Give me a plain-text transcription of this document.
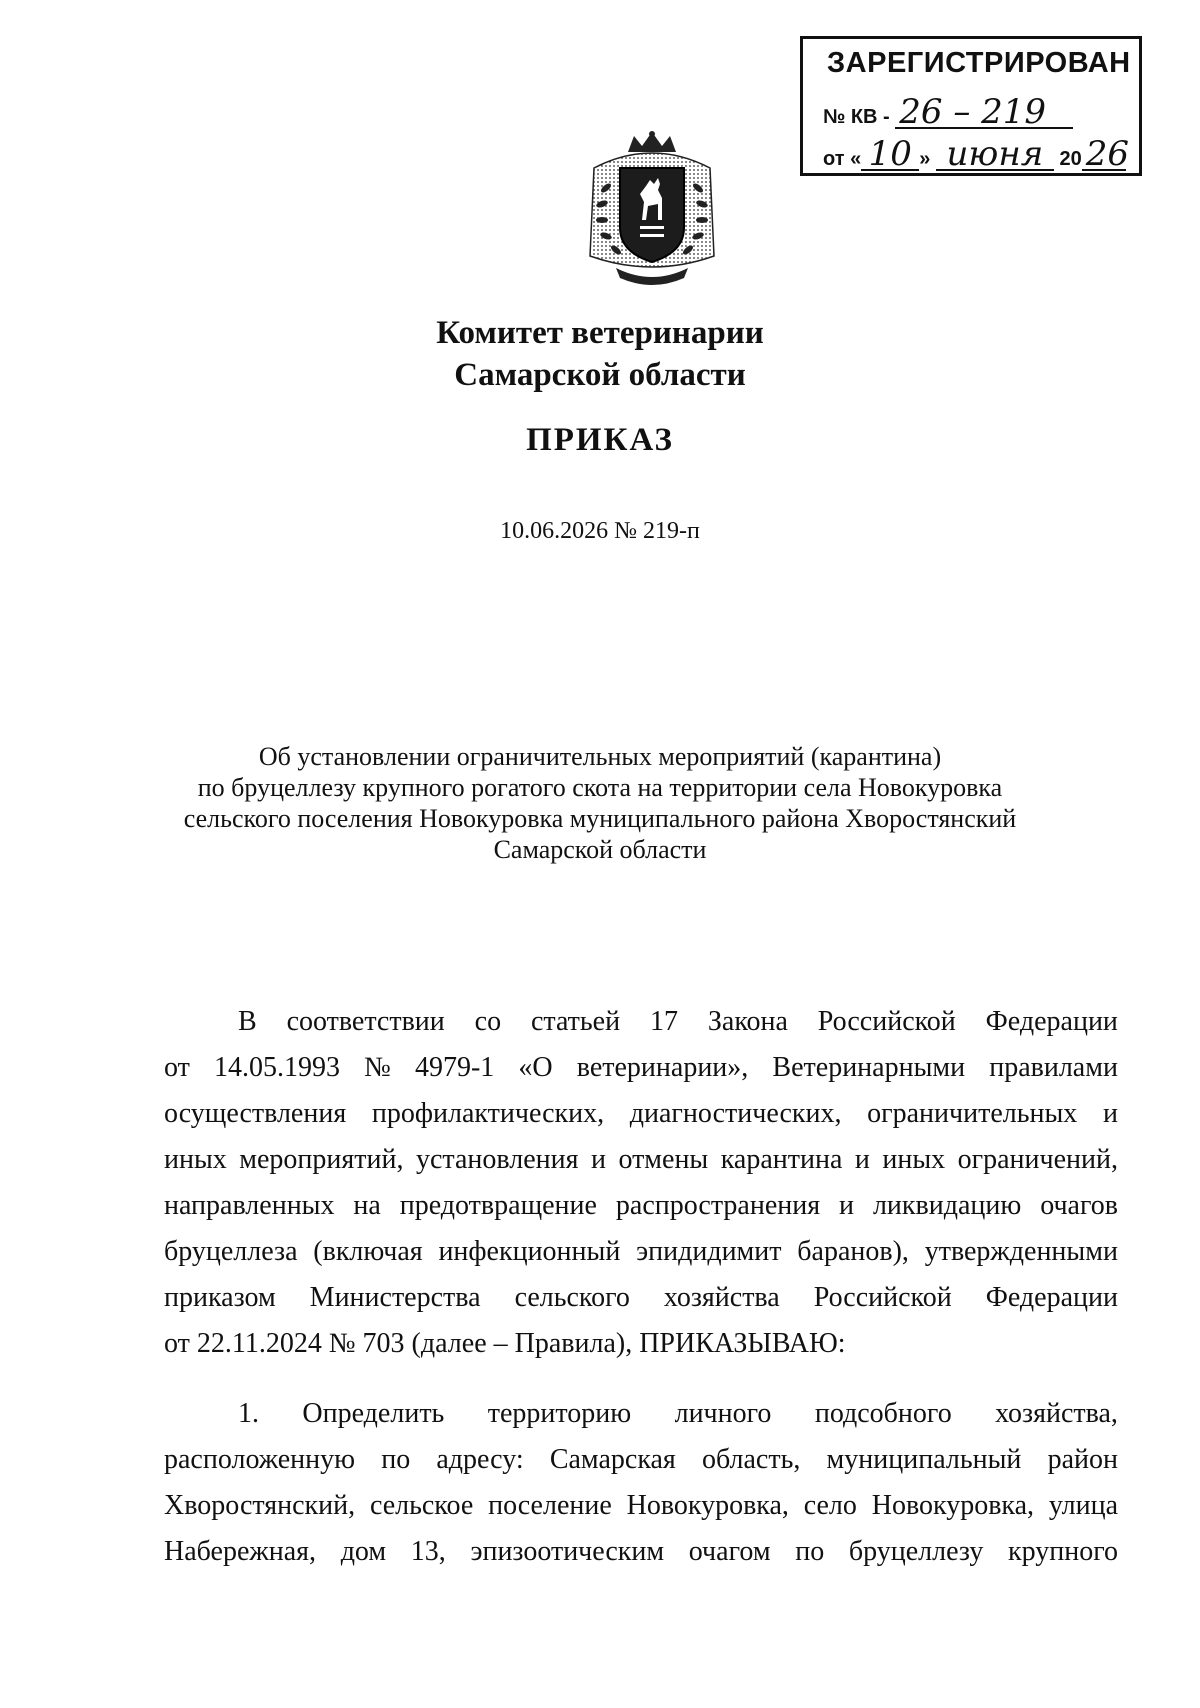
ЗАРЕГИСТРИРОВАН
№ КВ - 26 – 219
от « 10 » июня 20 26
Комитет ветеринарии
Самарской области
ПРИКАЗ
10.06.2026 № 219-п
Об установлении ограничительных мероприятий (карантина)
по бруцеллезу крупного рогатого скота на территории села Новокуровка
сельского поселения Новокуровка муниципального района Хворостянский
Самарской области
В соответствии со статьей 17 Закона Российской Федерации
от 14.05.1993 № 4979-1 «О ветеринарии», Ветеринарными правилами
осуществления профилактических, диагностических, ограничительных и
иных мероприятий, установления и отмены карантина и иных ограничений,
направленных на предотвращение распространения и ликвидацию очагов
бруцеллеза (включая инфекционный эпидидимит баранов), утвержденными
приказом Министерства сельского хозяйства Российской Федерации
от 22.11.2024 № 703 (далее – Правила), ПРИКАЗЫВАЮ:
1. Определить территорию личного подсобного хозяйства,
расположенную по адресу: Самарская область, муниципальный район
Хворостянский, сельское поселение Новокуровка, село Новокуровка, улица
Набережная, дом 13, эпизоотическим очагом по бруцеллезу крупного
